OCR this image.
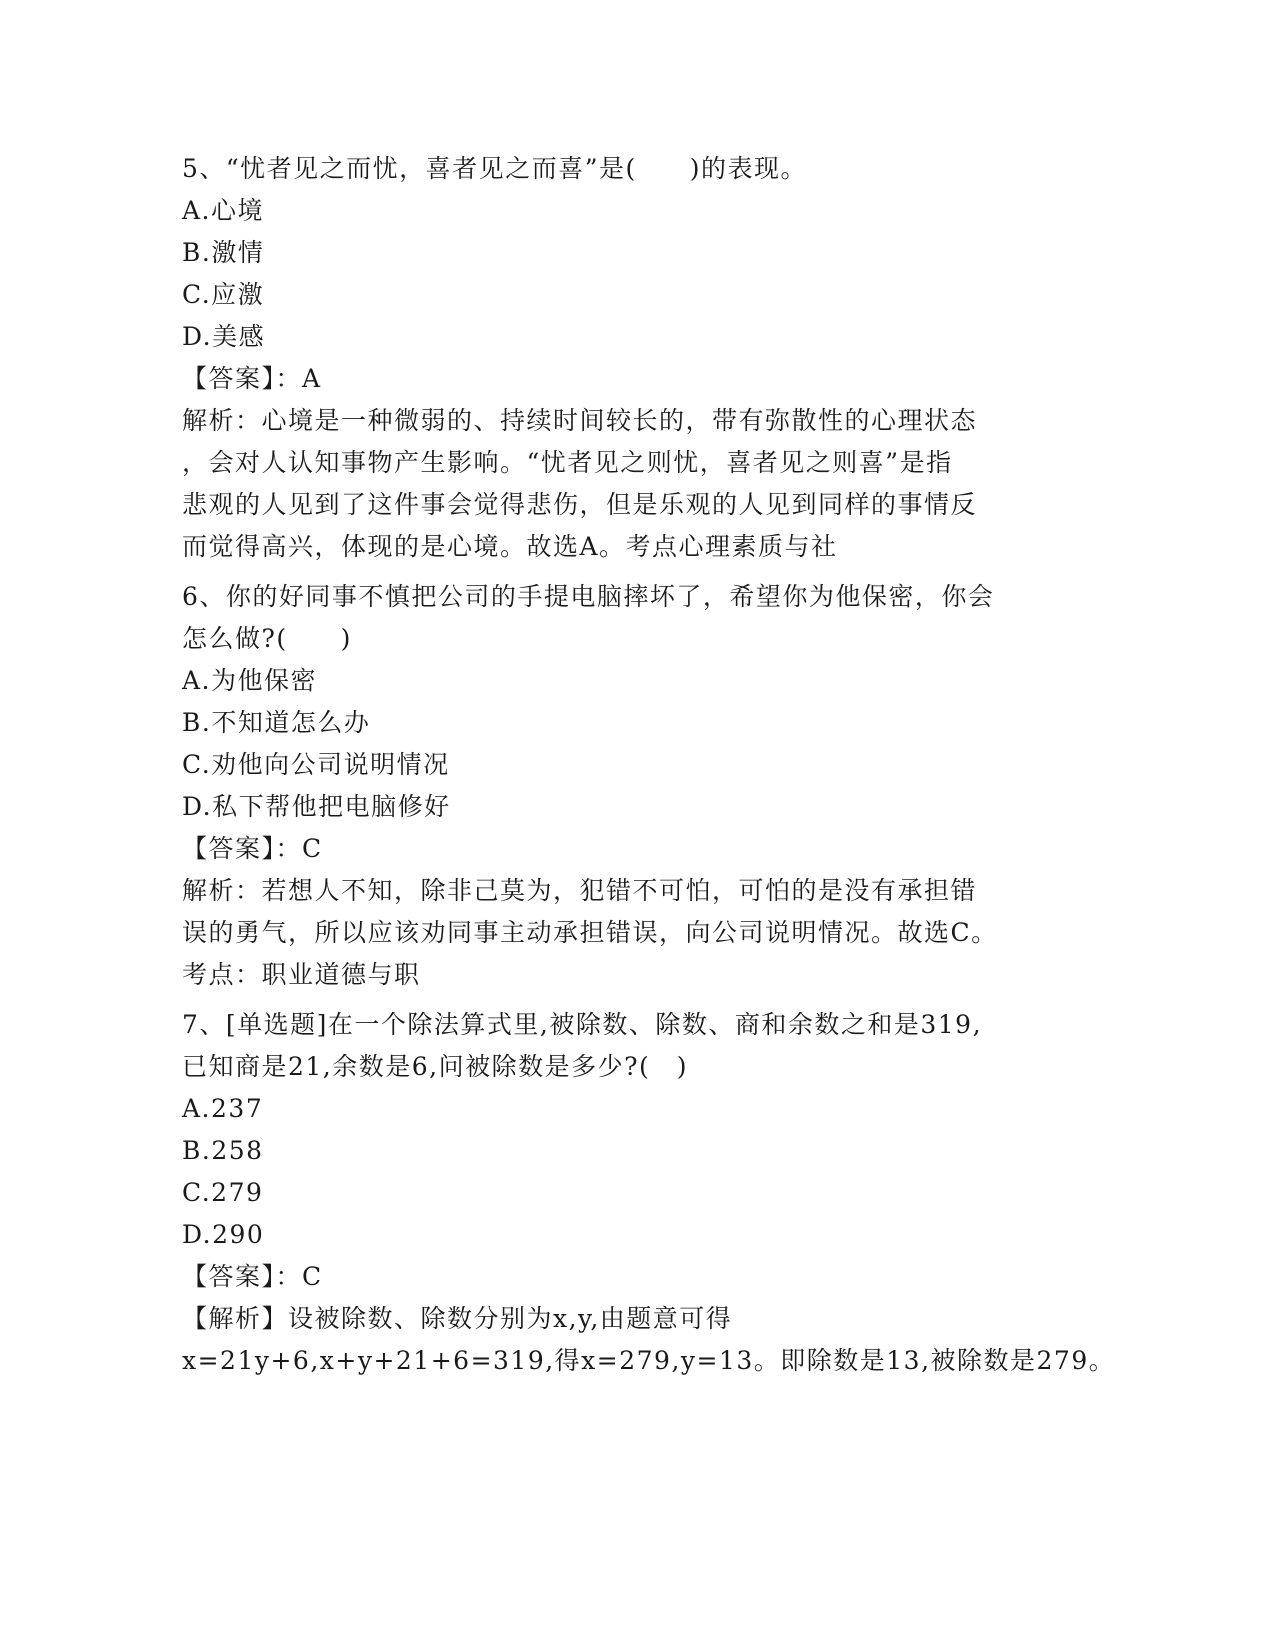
5、“忧者见之而忧，喜者见之而喜”是(　　)的表现。
A.心境
B.激情
C.应激
D.美感
【答案】：A
解析：心境是一种微弱的、持续时间较长的，带有弥散性的心理状态
，会对人认知事物产生影响。“忧者见之则忧，喜者见之则喜”是指
悲观的人见到了这件事会觉得悲伤，但是乐观的人见到同样的事情反
而觉得高兴，体现的是心境。故选A。考点心理素质与社
6、你的好同事不慎把公司的手提电脑摔坏了，希望你为他保密，你会
怎么做?(　　)
A.为他保密
B.不知道怎么办
C.劝他向公司说明情况
D.私下帮他把电脑修好
【答案】：C
解析：若想人不知，除非己莫为，犯错不可怕，可怕的是没有承担错
误的勇气，所以应该劝同事主动承担错误，向公司说明情况。故选C。
考点：职业道德与职
7、[单选题]在一个除法算式里,被除数、除数、商和余数之和是319,
已知商是21,余数是6,问被除数是多少?(　)
A.237
B.258
C.279
D.290
【答案】：C
【解析】设被除数、除数分别为x,y,由题意可得
x=21y+6,x+y+21+6=319,得x=279,y=13。即除数是13,被除数是279。
